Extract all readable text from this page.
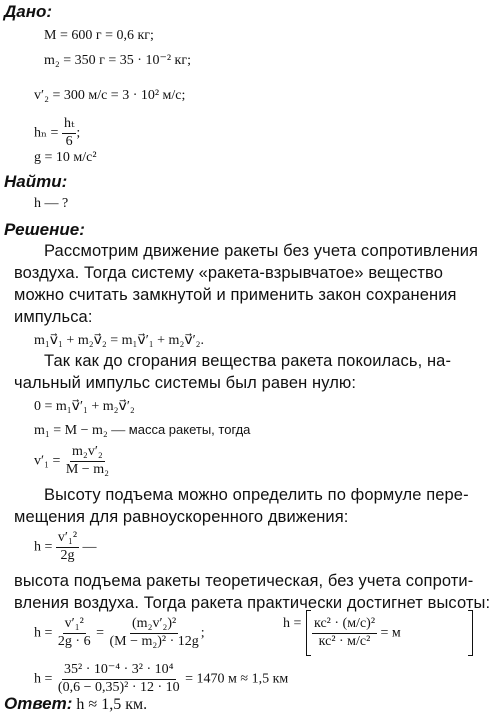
Дано:
M = 600 г = 0,6 кг;
m₂ = 350 г = 35 · 10⁻² кг;
v′₂ = 300 м/с = 3 · 10² м/с;
$h_n = \frac{\text{hₜ}}{6}$ ;
g = 10 м/с²
Найти:
h — ?
Решение:
Рассмотрим движение ракеты без учета сопротивления
воздуха. Тогда систему «ракета-взрывчатое» вещество
можно считать замкнутой и применить закон сохранения
импульса:
m₁v⃗₁ + m₂v⃗₂ = m₁v⃗′₁ + m₂v⃗′₂.
Так как до сгорания вещества ракета покоилась, на-
чальный импульс системы был равен нулю:
0 = m₁v⃗′₁ + m₂v⃗′₂
m₁ = M − m₂ — масса ракеты, тогда
$v'_1 = \frac{\text{m₂v′₂}}{\text{M − m₂}}$
Высоту подъема можно определить по формуле пере-
мещения для равноускоренного движения:
$h = \frac{\text{v′₁²}}{2g}$ —
высота подъема ракеты теоретическая, без учета сопроти-
вления воздуха. Тогда ракета практически достигнет высоты:
$h = \frac{\text{v′₁²}}{2g \cdot 6} = \frac{\text{(m₂v′₂)²}}{\text{(M − m₂)² · 12g}}$ ;
$h = \frac{\text{кс² · (м/с)²}}{\text{кс² · м/с²}} = м$
$h = \frac{\text{35² · 10⁻⁴ · 3² · 10⁴}}{\text{(0,6 − 0,35)² · 12 · 10}} = 1470$ м ≈ 1,5 км
Ответ: h ≈ 1,5 км.
